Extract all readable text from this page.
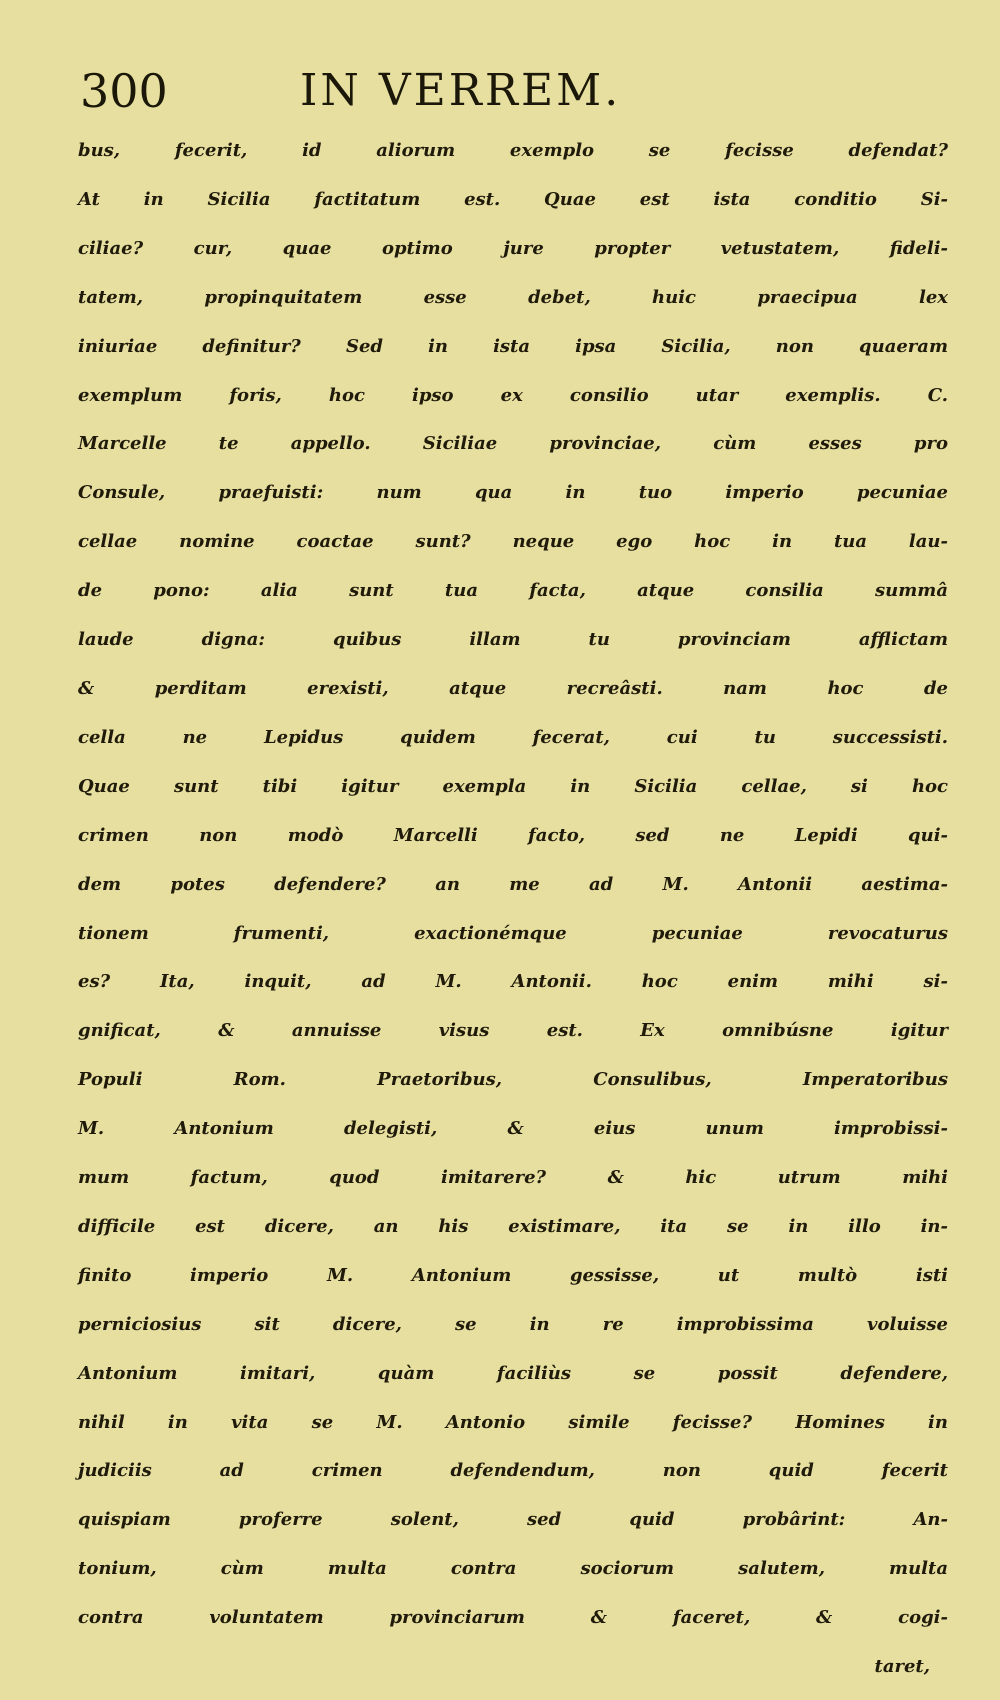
300	IN VERREM.
bus, fecerit, id aliorum exemplo se fecisse defendat?
At in Sicilia factitatum est. Quae est ista conditio Si-
ciliae? cur, quae optimo jure propter vetustatem, fideli-
tatem, propinquitatem esse debet, huic praecipua lex
iniuriae definitur? Sed in ista ipsa Sicilia, non quaeram
exemplum foris, hoc ipso ex consilio utar exemplis. C.
Marcelle te appello. Siciliae provinciae, cùm esses pro
Consule, praefuisti: num qua in tuo imperio pecuniae
cellae nomine coactae sunt? neque ego hoc in tua lau-
de pono: alia sunt tua facta, atque consilia summâ
laude digna: quibus illam tu provinciam afflictam
& perditam erexisti, atque recreâsti. nam hoc de
cella ne Lepidus quidem fecerat, cui tu successisti.
Quae sunt tibi igitur exempla in Sicilia cellae, si hoc
crimen non modò Marcelli facto, sed ne Lepidi qui-
dem potes defendere? an me ad M. Antonii aestima-
tionem frumenti, exactionémque pecuniae revocaturus
es? Ita, inquit, ad M. Antonii. hoc enim mihi si-
gnificat, & annuisse visus est. Ex omnibúsne igitur
Populi Rom. Praetoribus, Consulibus, Imperatoribus
M. Antonium delegisti, & eius unum improbissi-
mum factum, quod imitarere? & hic utrum mihi
difficile est dicere, an his existimare, ita se in illo in-
finito imperio M. Antonium gessisse, ut multò isti
perniciosius sit dicere, se in re improbissima voluisse
Antonium imitari, quàm faciliùs se possit defendere,
nihil in vita se M. Antonio simile fecisse? Homines in
judiciis ad crimen defendendum, non quid fecerit
quispiam proferre solent, sed quid probârint: An-
tonium, cùm multa contra sociorum salutem, multa
contra voluntatem provinciarum & faceret, & cogi-
taret,
